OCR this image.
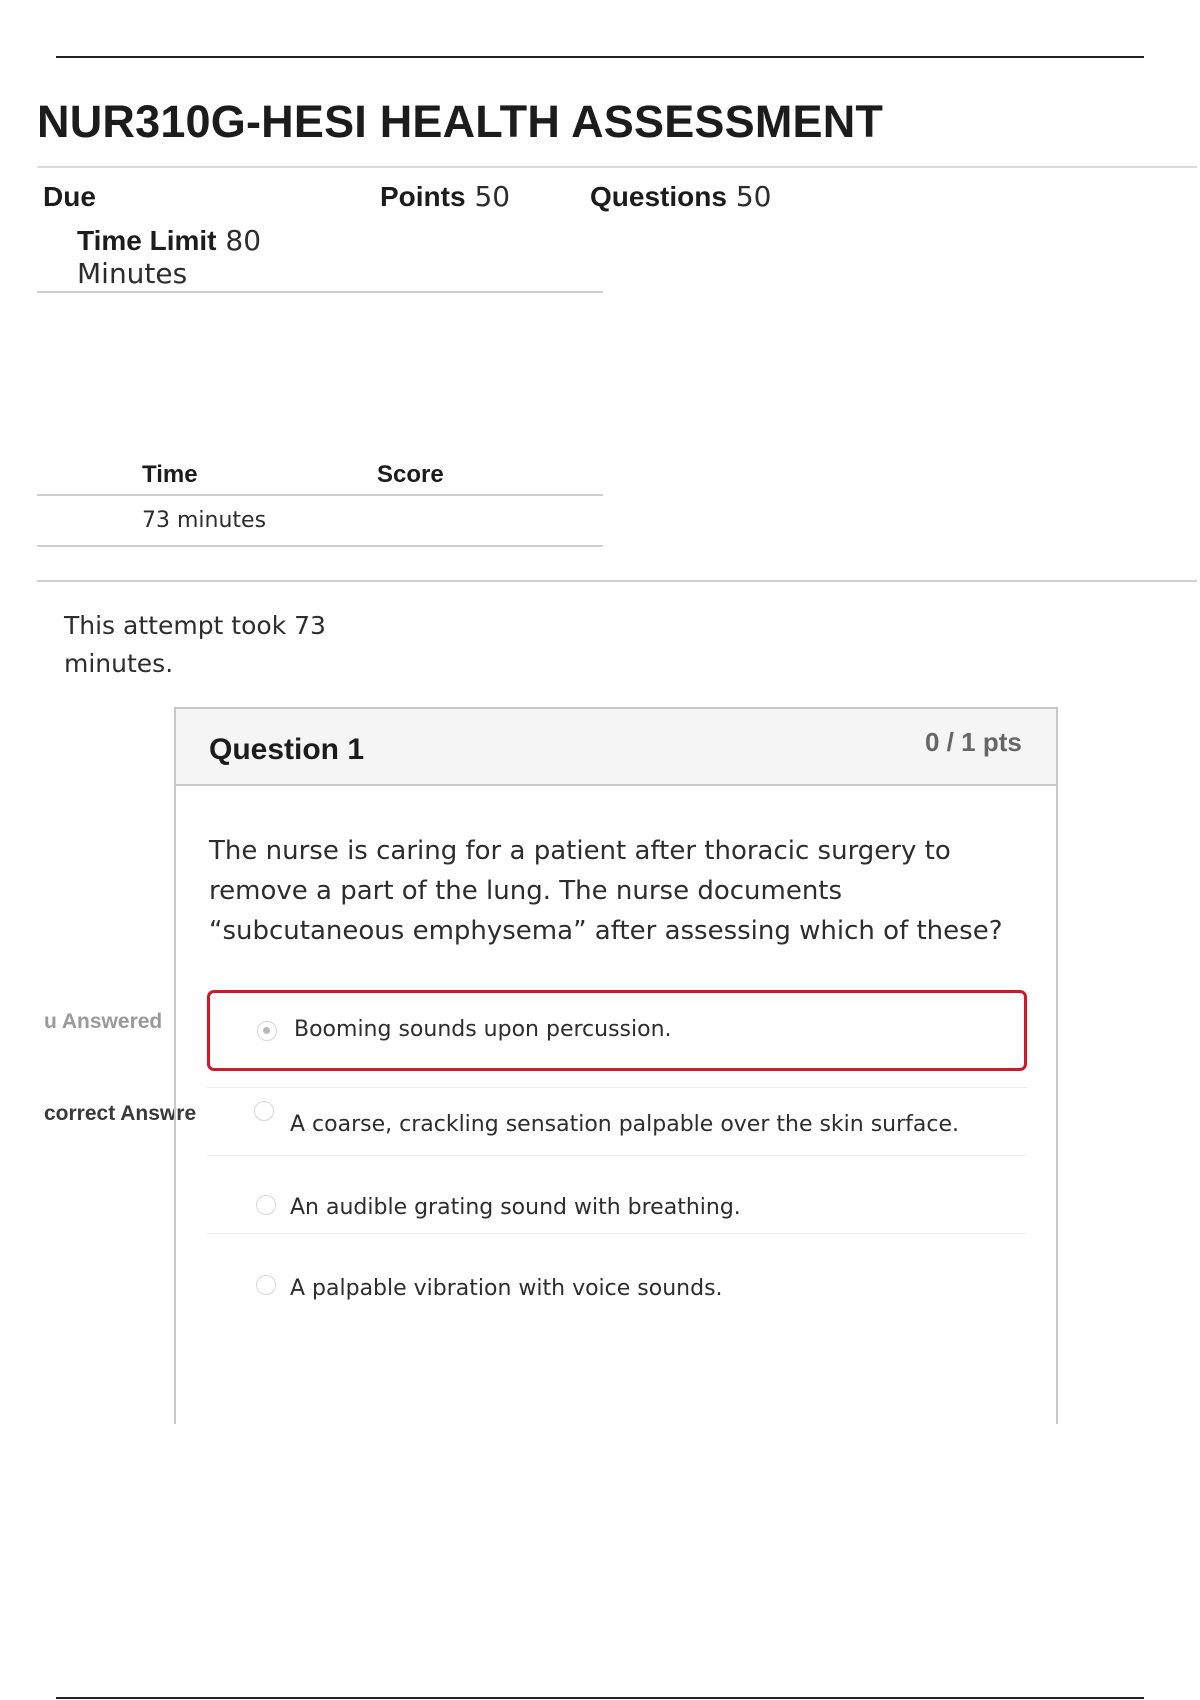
NUR310G-HESI HEALTH ASSESSMENT
Due	Points 50	Questions 50
Time Limit 80
Minutes
Time	Score
73 minutes
This attempt took 73 minutes.
u Answered
correct Answre
Question 1	0 / 1 pts
The nurse is caring for a patient after thoracic surgery to remove a part of the lung. The nurse documents “subcutaneous emphysema” after assessing which of these?
Booming sounds upon percussion.
A coarse, crackling sensation palpable over the skin surface.
An audible grating sound with breathing.
A palpable vibration with voice sounds.
